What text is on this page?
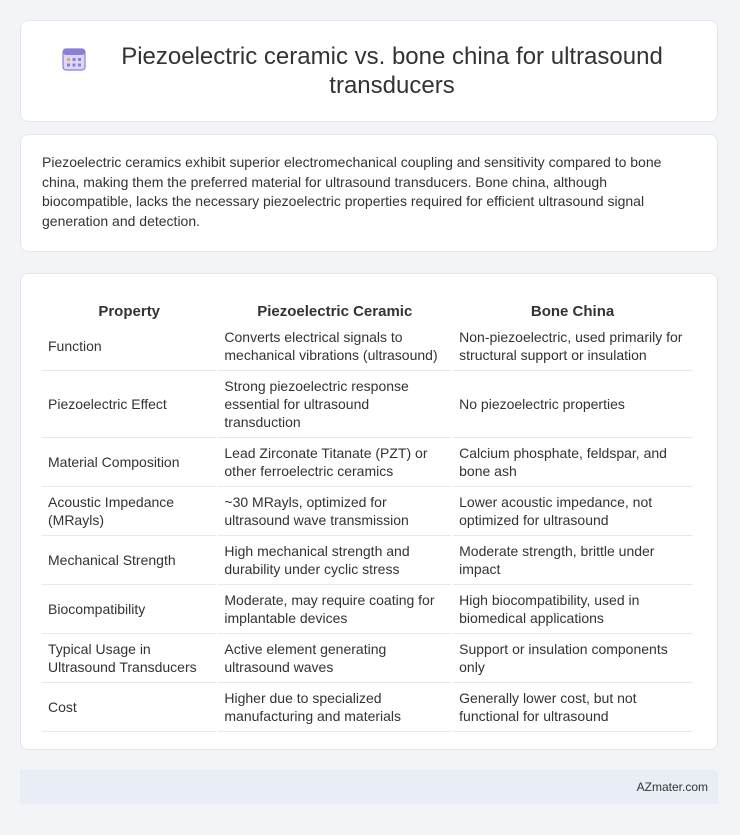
Piezoelectric ceramic vs. bone china for ultrasound transducers

Piezoelectric ceramics exhibit superior electromechanical coupling and sensitivity compared to bone china, making them the preferred material for ultrasound transducers. Bone china, although biocompatible, lacks the necessary piezoelectric properties required for efficient ultrasound signal generation and detection.

Property	Piezoelectric Ceramic	Bone China
Function	Converts electrical signals to mechanical vibrations (ultrasound)	Non-piezoelectric, used primarily for structural support or insulation
Piezoelectric Effect	Strong piezoelectric response essential for ultrasound transduction	No piezoelectric properties
Material Composition	Lead Zirconate Titanate (PZT) or other ferroelectric ceramics	Calcium phosphate, feldspar, and bone ash
Acoustic Impedance (MRayls)	~30 MRayls, optimized for ultrasound wave transmission	Lower acoustic impedance, not optimized for ultrasound
Mechanical Strength	High mechanical strength and durability under cyclic stress	Moderate strength, brittle under impact
Biocompatibility	Moderate, may require coating for implantable devices	High biocompatibility, used in biomedical applications
Typical Usage in Ultrasound Transducers	Active element generating ultrasound waves	Support or insulation components only
Cost	Higher due to specialized manufacturing and materials	Generally lower cost, but not functional for ultrasound
AZmater.com
